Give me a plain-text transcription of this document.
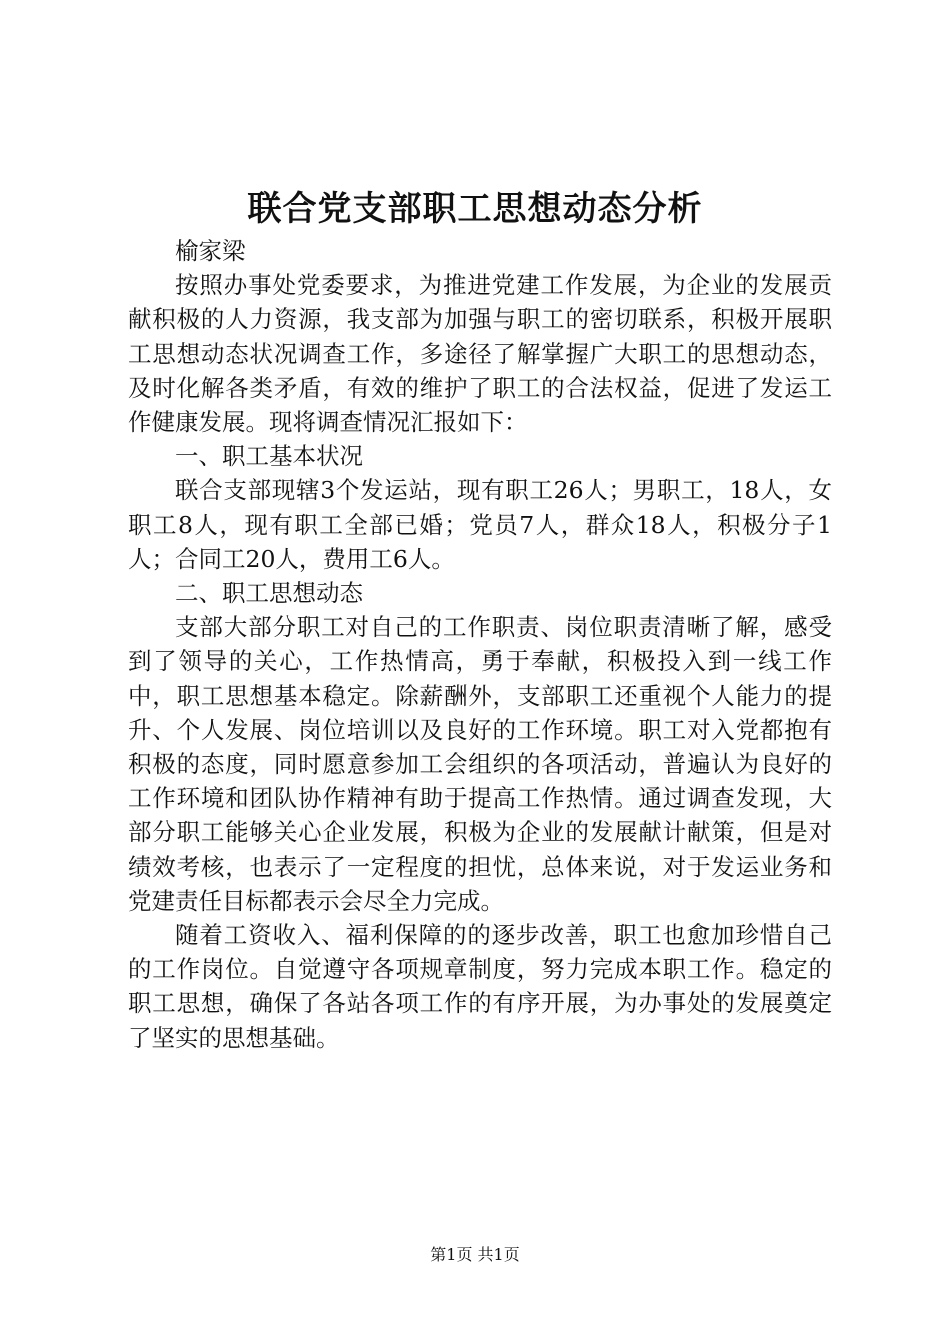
联合党支部职工思想动态分析

榆家梁

按照办事处党委要求，为推进党建工作发展，为企业的发展贡献积极的人力资源，我支部为加强与职工的密切联系，积极开展职工思想动态状况调查工作，多途径了解掌握广大职工的思想动态，及时化解各类矛盾，有效的维护了职工的合法权益，促进了发运工作健康发展。现将调查情况汇报如下：

一、职工基本状况

联合支部现辖3个发运站，现有职工26人；男职工，18人，女职工8人，现有职工全部已婚；党员7人，群众18人，积极分子1人；合同工20人，费用工6人。

二、职工思想动态

支部大部分职工对自己的工作职责、岗位职责清晰了解，感受到了领导的关心，工作热情高，勇于奉献，积极投入到一线工作中，职工思想基本稳定。除薪酬外，支部职工还重视个人能力的提升、个人发展、岗位培训以及良好的工作环境。职工对入党都抱有积极的态度，同时愿意参加工会组织的各项活动，普遍认为良好的工作环境和团队协作精神有助于提高工作热情。通过调查发现，大部分职工能够关心企业发展，积极为企业的发展献计献策，但是对绩效考核，也表示了一定程度的担忧，总体来说，对于发运业务和党建责任目标都表示会尽全力完成。

随着工资收入、福利保障的的逐步改善，职工也愈加珍惜自己的工作岗位。自觉遵守各项规章制度，努力完成本职工作。稳定的职工思想，确保了各站各项工作的有序开展，为办事处的发展奠定了坚实的思想基础。

第1页 共1页
